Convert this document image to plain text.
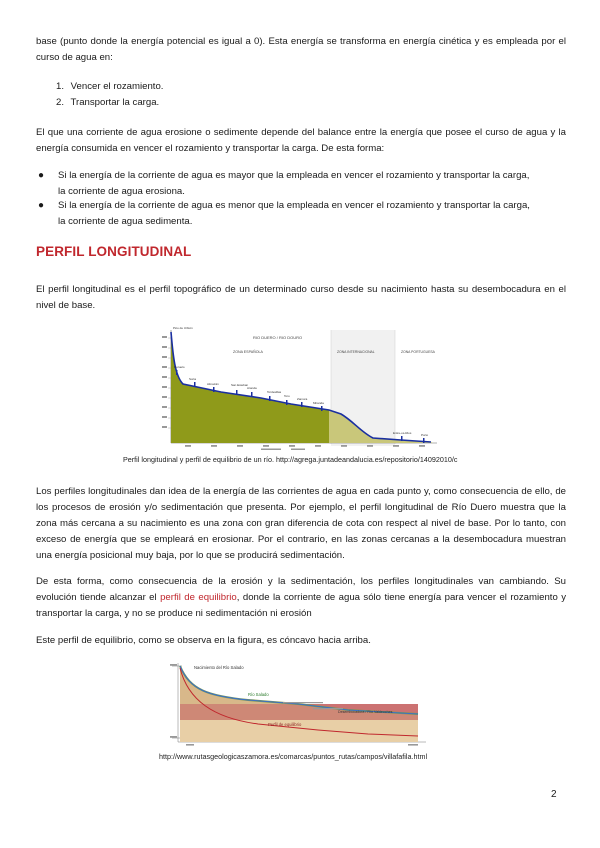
base (punto donde la energía potencial es igual a 0). Esta energía se transforma en energía cinética y es empleada por el curso de agua en:

1. Vencer el rozamiento.
2. Transportar la carga.

El que una corriente de agua erosione o sedimente depende del balance entre la energía que posee el curso de agua y la energía consumida en vencer el rozamiento y transportar la carga. De esta forma:

● Si la energía de la corriente de agua es mayor que la empleada en vencer el rozamiento y transportar la carga, la corriente de agua erosiona.
● Si la energía de la corriente de agua es menor que la empleada en vencer el rozamiento y transportar la carga, la corriente de agua sedimenta.
PERFIL LONGITUDINAL

El perfil longitudinal es el perfil topográfico de un determinado curso desde su nacimiento hasta su desembocadura en el nivel de base.

Duruelo
Soria
Almazán	San Esteban
Aranda
Tordesillas
Toro
Zamora
Miranda
Entre-os-Rios	Porto
Pico de Urbión
RIO DUERO / RIO DOURO
ZONA ESPAÑOLA	ZONA INTERNACIONAL	ZONA PORTUGUESA
Perfil longitudinal y perfil de equilibrio de un río. http://agrega.juntadeandalucia.es/repositorio/14092010/c

Los perfiles longitudinales dan idea de la energía de las corrientes de agua en cada punto y, como consecuencia de ello, de los procesos de erosión y/o sedimentación que presenta. Por ejemplo, el perfil longitudinal de Río Duero muestra que la zona más cercana a su nacimiento es una zona con gran diferencia de cota con respect al nivel de base. Por lo tanto, con exceso de energía que se empleará en erosionar. Por el contrario, en las zonas cercanas a la desembocadura muestran una energía posicional muy baja, por lo que se producirá sedimentación.

De esta forma, como consecuencia de la erosión y la sedimentación, los perfiles longitudinales van cambiando. Su evolución tiende alcanzar el perfil de equilibrio, donde la corriente de agua sólo tiene energía para vencer el rozamiento y transportar la carga, y no se produce ni sedimentación ni erosión

Este perfil de equilibrio, como se observa en la figura, es cóncavo hacia arriba.

Nacimiento del Río Salado
Río Salado
Desembocadura / Río Valdeoches
Perfil de equilibrio
http://www.rutasgeologicaszamora.es/comarcas/puntos_rutas/campos/villafafila.html
2
